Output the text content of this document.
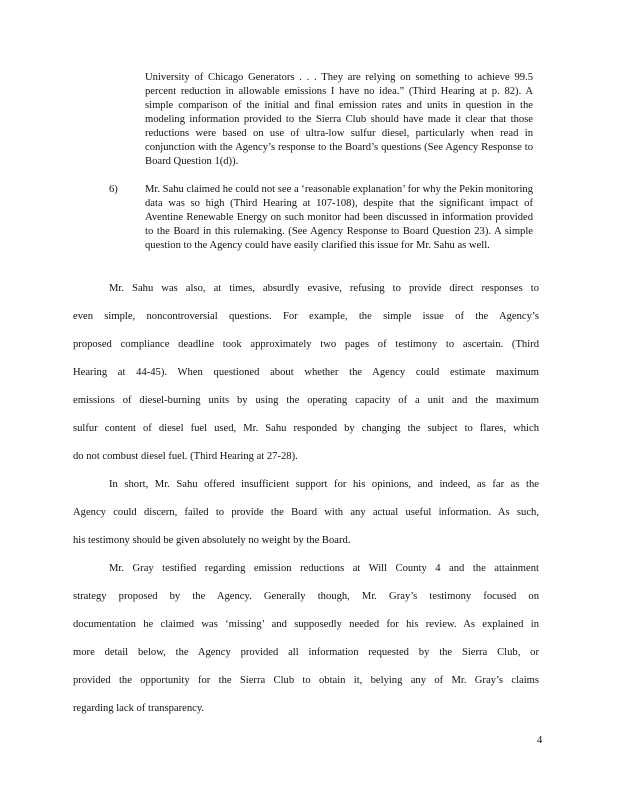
University of Chicago Generators . . . They are relying on something to achieve 99.5 percent reduction in allowable emissions I have no idea.” (Third Hearing at p. 82). A simple comparison of the initial and final emission rates and units in question in the modeling information provided to the Sierra Club should have made it clear that those reductions were based on use of ultra-low sulfur diesel, particularly when read in conjunction with the Agency’s response to the Board’s questions (See Agency Response to Board Question 1(d)).
6)	Mr. Sahu claimed he could not see a ‘reasonable explanation’ for why the Pekin monitoring data was so high (Third Hearing at 107-108), despite that the significant impact of Aventine Renewable Energy on such monitor had been discussed in information provided to the Board in this rulemaking. (See Agency Response to Board Question 23). A simple question to the Agency could have easily clarified this issue for Mr. Sahu as well.
Mr. Sahu was also, at times, absurdly evasive, refusing to provide direct responses to
even simple, noncontroversial questions. For example, the simple issue of the Agency’s
proposed compliance deadline took approximately two pages of testimony to ascertain. (Third
Hearing at 44-45). When questioned about whether the Agency could estimate maximum
emissions of diesel-burning units by using the operating capacity of a unit and the maximum
sulfur content of diesel fuel used, Mr. Sahu responded by changing the subject to flares, which
do not combust diesel fuel. (Third Hearing at 27-28).
In short, Mr. Sahu offered insufficient support for his opinions, and indeed, as far as the
Agency could discern, failed to provide the Board with any actual useful information. As such,
his testimony should be given absolutely no weight by the Board.
Mr. Gray testified regarding emission reductions at Will County 4 and the attainment
strategy proposed by the Agency. Generally though, Mr. Gray’s testimony focused on
documentation he claimed was ‘missing’ and supposedly needed for his review. As explained in
more detail below, the Agency provided all information requested by the Sierra Club, or
provided the opportunity for the Sierra Club to obtain it, belying any of Mr. Gray’s claims
regarding lack of transparency.
4
